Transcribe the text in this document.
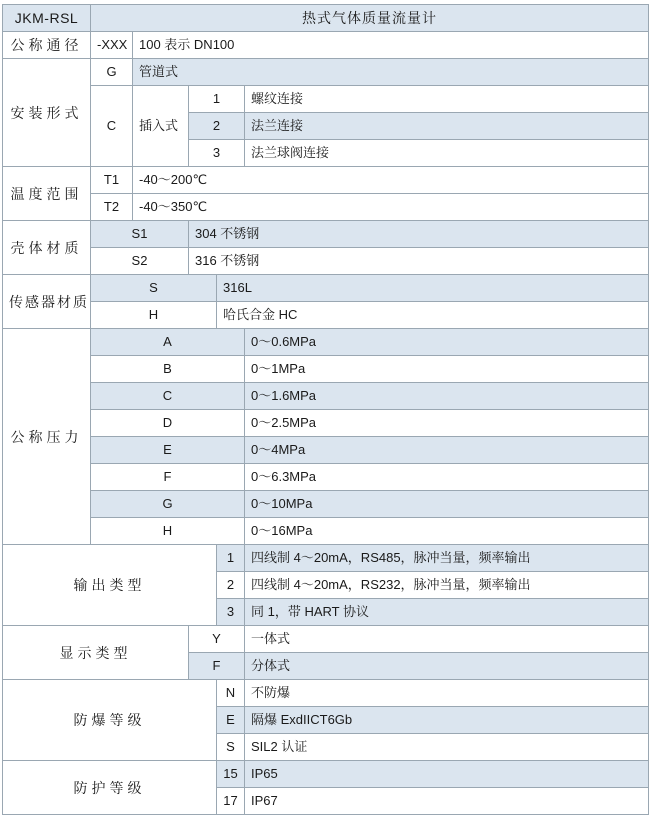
JKM-RSL	热式气体质量流量计				
公称通径	-XXX	100 表示 DN100			
安装形式	G	管道式			
	C	插入式	1		螺纹连接
			2		法兰连接
			3		法兰球阀连接
温度范围	T1	-40～200℃			
	T2	-40～350℃			
壳体材质	S1		304 不锈钢		
	S2		316 不锈钢		
传感器材质	S			316L	
	H			哈氏合金 HC	
公称压力	A				0～0.6MPa
	B				0～1MPa
	C				0～1.6MPa
	D				0～2.5MPa
	E				0～4MPa
	F				0～6.3MPa
	G				0～10MPa
	H				0～16MPa
输出类型				1	四线制 4～20mA，RS485，脉冲当量，频率输出
				2	四线制 4～20mA，RS232，脉冲当量，频率输出
				3	同 1，带 HART 协议
显示类型			Y		一体式
			F		分体式
防爆等级				N	不防爆
				E	隔爆 ExdIICT6Gb
				S	SIL2 认证
防护等级				15	IP65
				17	IP67
